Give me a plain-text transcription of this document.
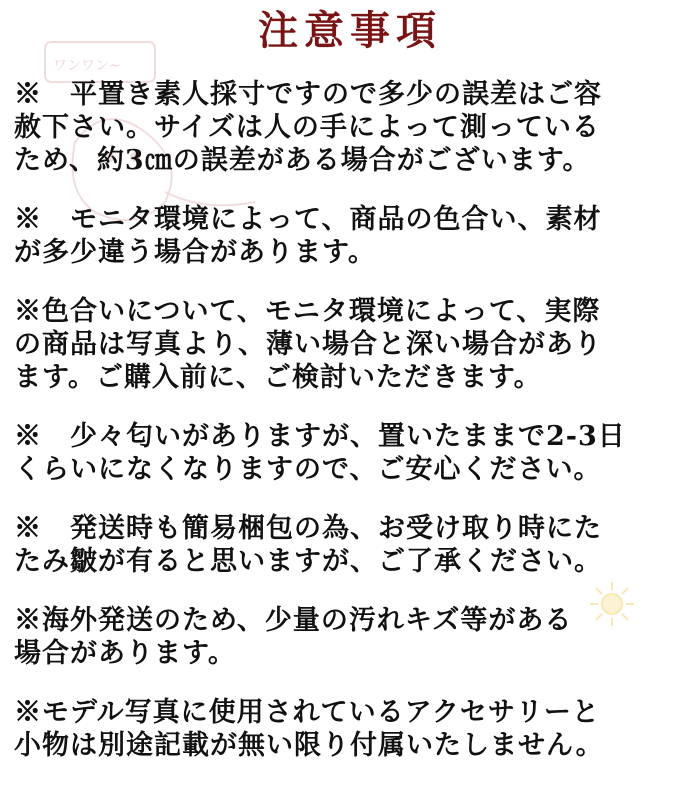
ワンワン~
注意事項
※　平置き素人採寸ですので多少の誤差はご容
赦下さい。サイズは人の手によって測っている
ため、約3㎝の誤差がある場合がございます。
※　モニタ環境によって、商品の色合い、素材
が多少違う場合があります。
※色合いについて、モニタ環境によって、実際
の商品は写真より、薄い場合と深い場合があり
ます。ご購入前に、ご検討いただきます。
※　少々匂いがありますが、置いたままで2-3日
くらいになくなりますので、ご安心ください。
※　発送時も簡易梱包の為、お受け取り時にた
たみ皺が有ると思いますが、ご了承ください。
※海外発送のため、少量の汚れキズ等がある
場合があります。
※モデル写真に使用されているアクセサリーと
小物は別途記載が無い限り付属いたしません。
